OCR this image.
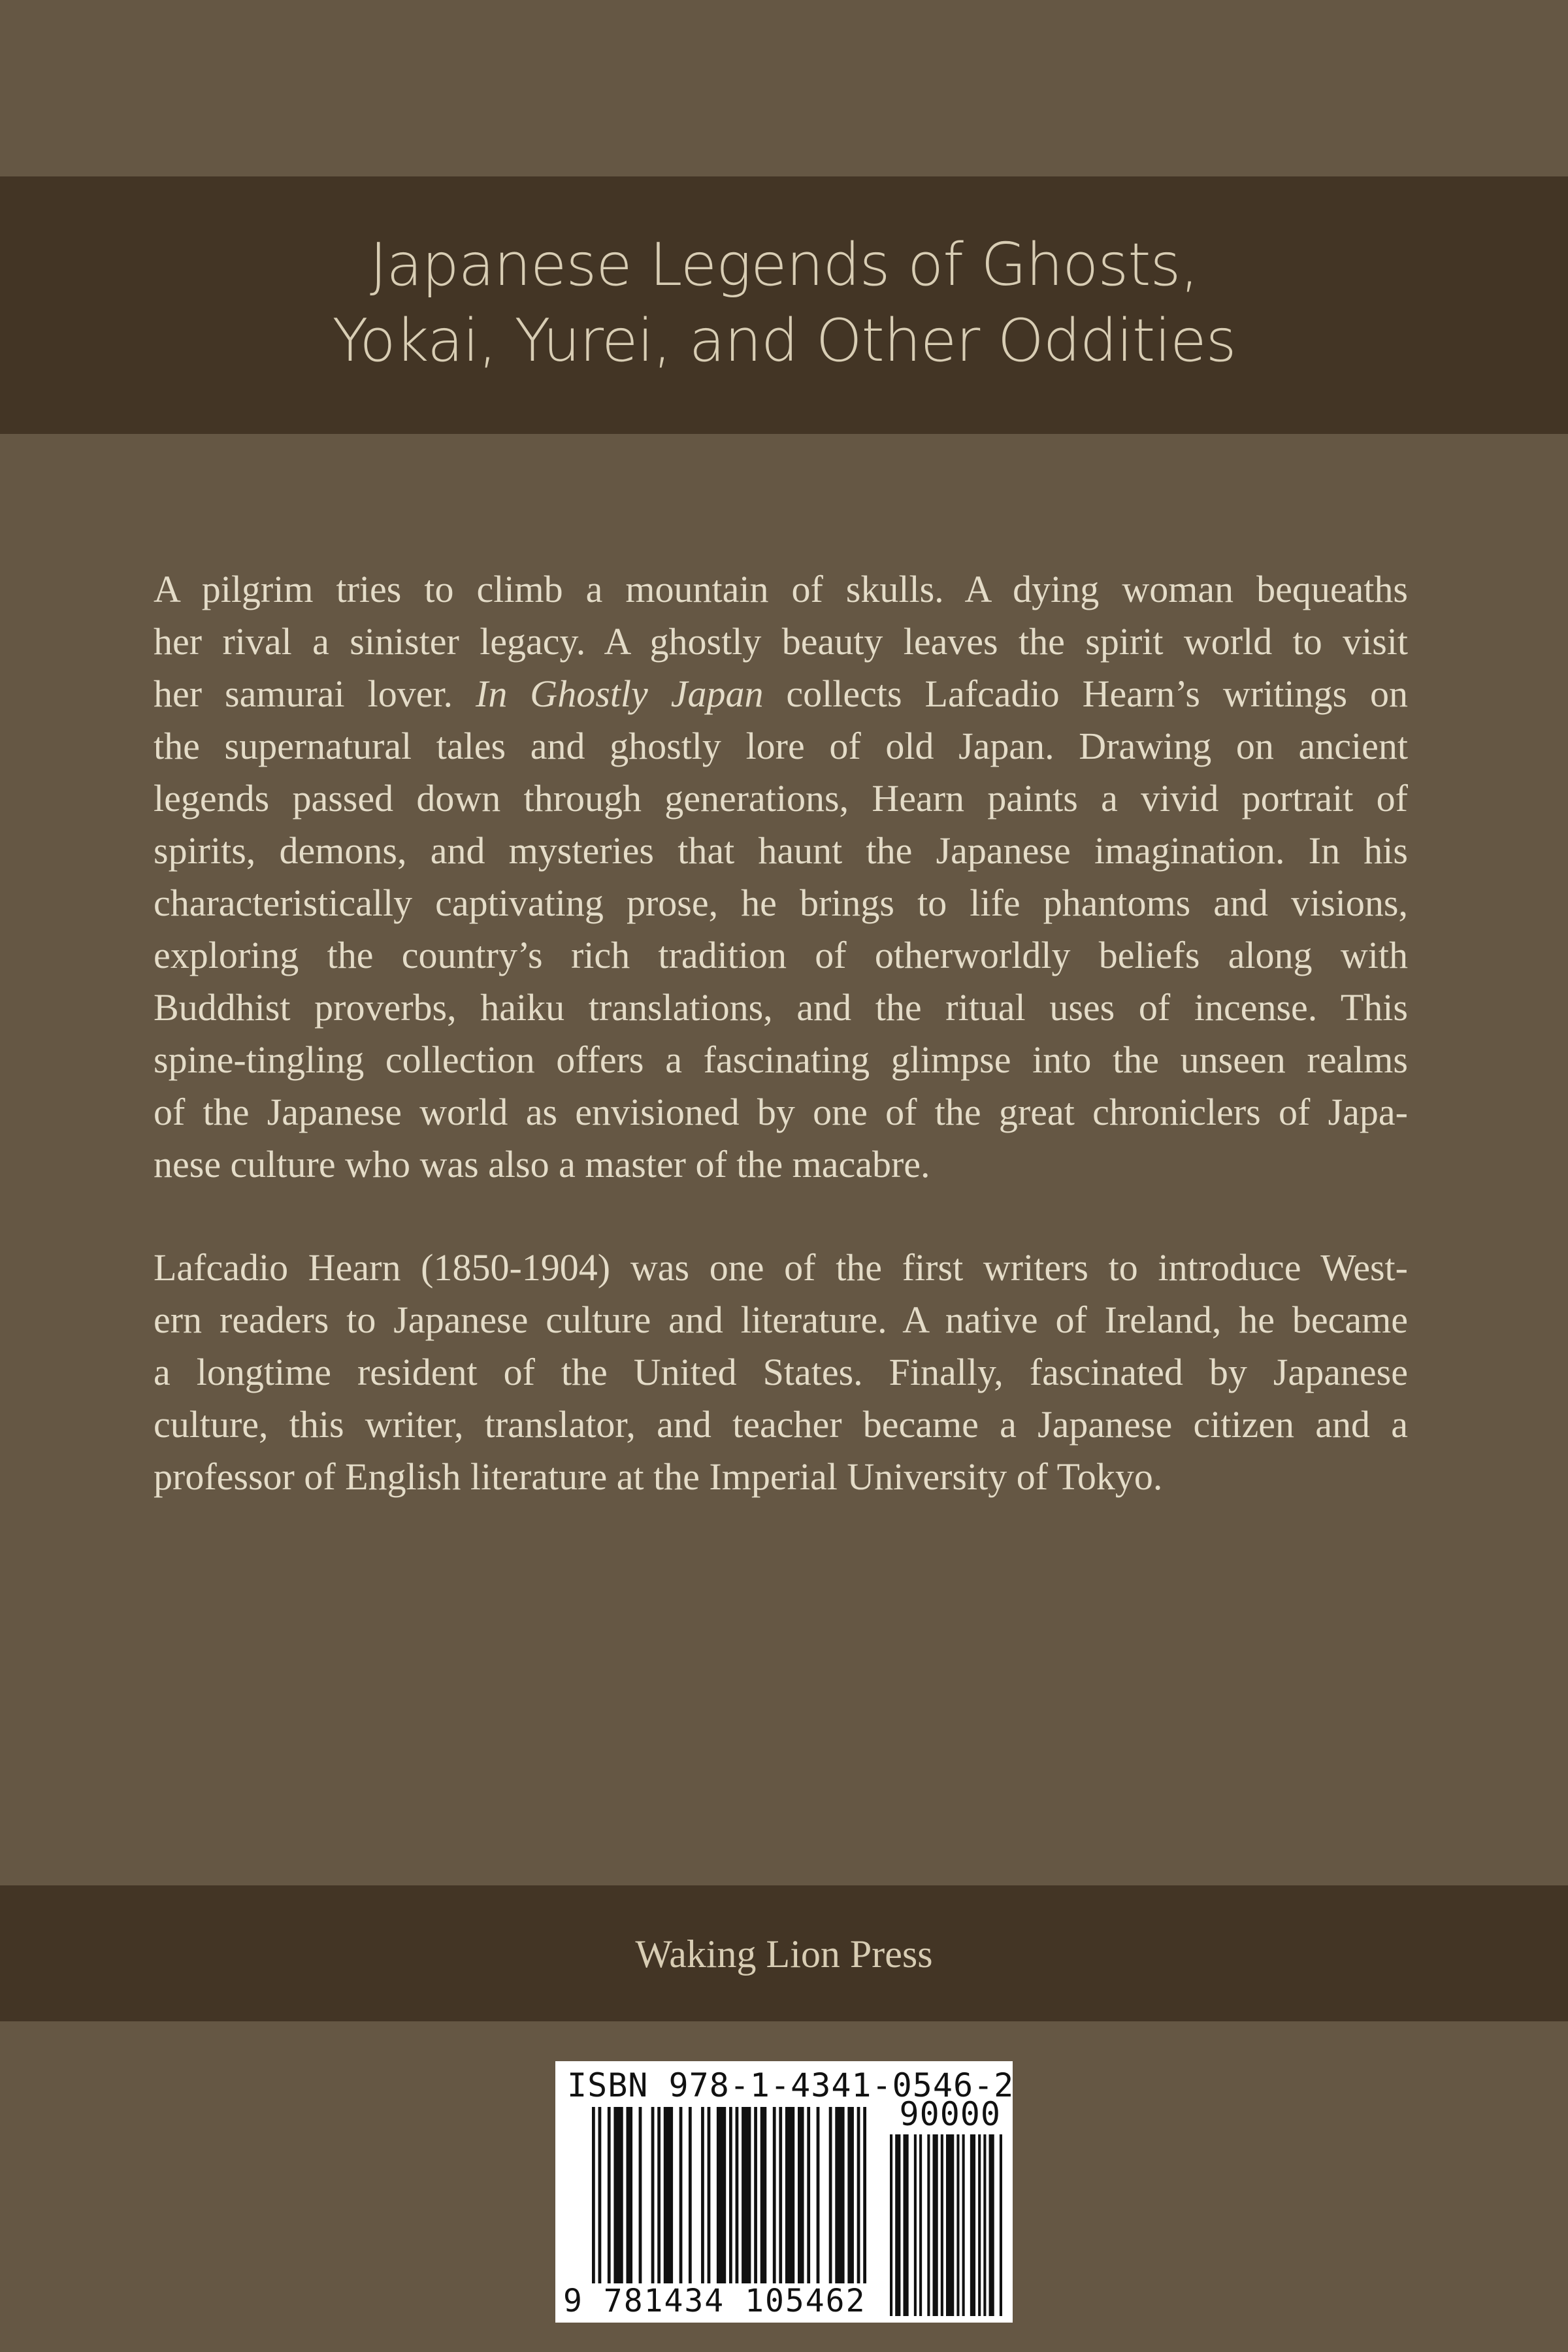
Japanese Legends of Ghosts,
Yokai, Yurei, and Other Oddities
A pilgrim tries to climb a mountain of skulls. A dying woman bequeaths
her rival a sinister legacy. A ghostly beauty leaves the spirit world to visit
her samurai lover. In Ghostly Japan collects Lafcadio Hearn’s writings on
the supernatural tales and ghostly lore of old Japan. Drawing on ancient
legends passed down through generations, Hearn paints a vivid portrait of
spirits, demons, and mysteries that haunt the Japanese imagination. In his
characteristically captivating prose, he brings to life phantoms and visions,
exploring the country’s rich tradition of otherworldly beliefs along with
Buddhist proverbs, haiku translations, and the ritual uses of incense. This
spine-tingling collection offers a fascinating glimpse into the unseen realms
of the Japanese world as envisioned by one of the great chroniclers of Japa-
nese culture who was also a master of the macabre.
Lafcadio Hearn (1850-1904) was one of the first writers to introduce West-
ern readers to Japanese culture and literature. A native of Ireland, he became
a longtime resident of the United States. Finally, fascinated by Japanese
culture, this writer, translator, and teacher became a Japanese citizen and a
professor of English literature at the Imperial University of Tokyo.
Waking Lion Press
ISBN 978-1-4341-0546-2
90000
9 781434 105462
